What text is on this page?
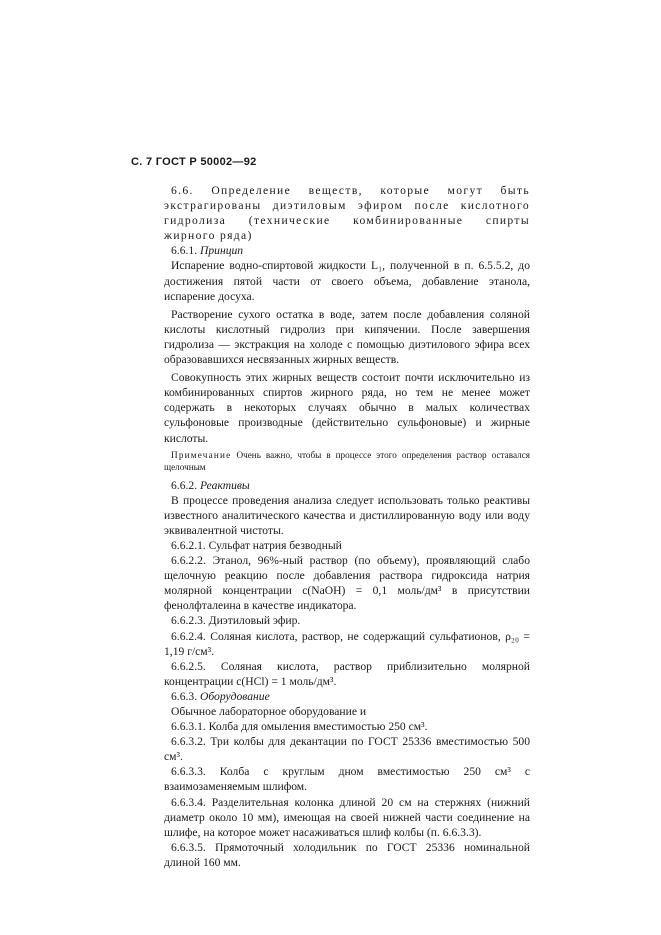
С. 7 ГОСТ Р 50002—92

6.6. Определение веществ, которые могут быть экстрагированы диэтиловым эфиром после кислотного гидролиза (технические комбинированные спирты жирного ряда)

6.6.1. Принцип

Испарение водно-спиртовой жидкости L₁, полученной в п. 6.5.5.2, до достижения пятой части от своего объема, добавление этанола, испарение досуха.

Растворение сухого остатка в воде, затем после добавления соляной кислоты кислотный гидролиз при кипячении. После завершения гидролиза — экстракция на холоде с помощью диэтилового эфира всех образовавшихся несвязанных жирных веществ.

Совокупность этих жирных веществ состоит почти исключительно из комбинированных спиртов жирного ряда, но тем не менее может содержать в некоторых случаях обычно в малых количествах сульфоновые производные (действительно сульфоновые) и жирные кислоты.

Примечание Очень важно, чтобы в процессе этого определения раствор оставался щелочным

6.6.2. Реактивы

В процессе проведения анализа следует использовать только реактивы известного аналитического качества и дистиллированную воду или воду эквивалентной чистоты.

6.6.2.1. Сульфат натрия безводный

6.6.2.2. Этанол, 96%-ный раствор (по объему), проявляющий слабо щелочную реакцию после добавления раствора гидроксида натрия молярной концентрации c(NaOH) = 0,1 моль/дм³ в присутствии фенолфталеина в качестве индикатора.

6.6.2.3. Диэтиловый эфир.

6.6.2.4. Соляная кислота, раствор, не содержащий сульфатионов, ρ₂₀ = 1,19 г/см³.

6.6.2.5. Соляная кислота, раствор приблизительно молярной концентрации c(HCl) = 1 моль/дм³.

6.6.3. Оборудование

Обычное лабораторное оборудование и

6.6.3.1. Колба для омыления вместимостью 250 см³.

6.6.3.2. Три колбы для декантации по ГОСТ 25336 вместимостью 500 см³.

6.6.3.3. Колба с круглым дном вместимостью 250 см³ с взаимозаменяемым шлифом.

6.6.3.4. Разделительная колонка длиной 20 см на стержнях (нижний диаметр около 10 мм), имеющая на своей нижней части соединение на шлифе, на которое может насаживаться шлиф колбы (п. 6.6.3.3).

6.6.3.5. Прямоточный холодильник по ГОСТ 25336 номинальной длиной 160 мм.
